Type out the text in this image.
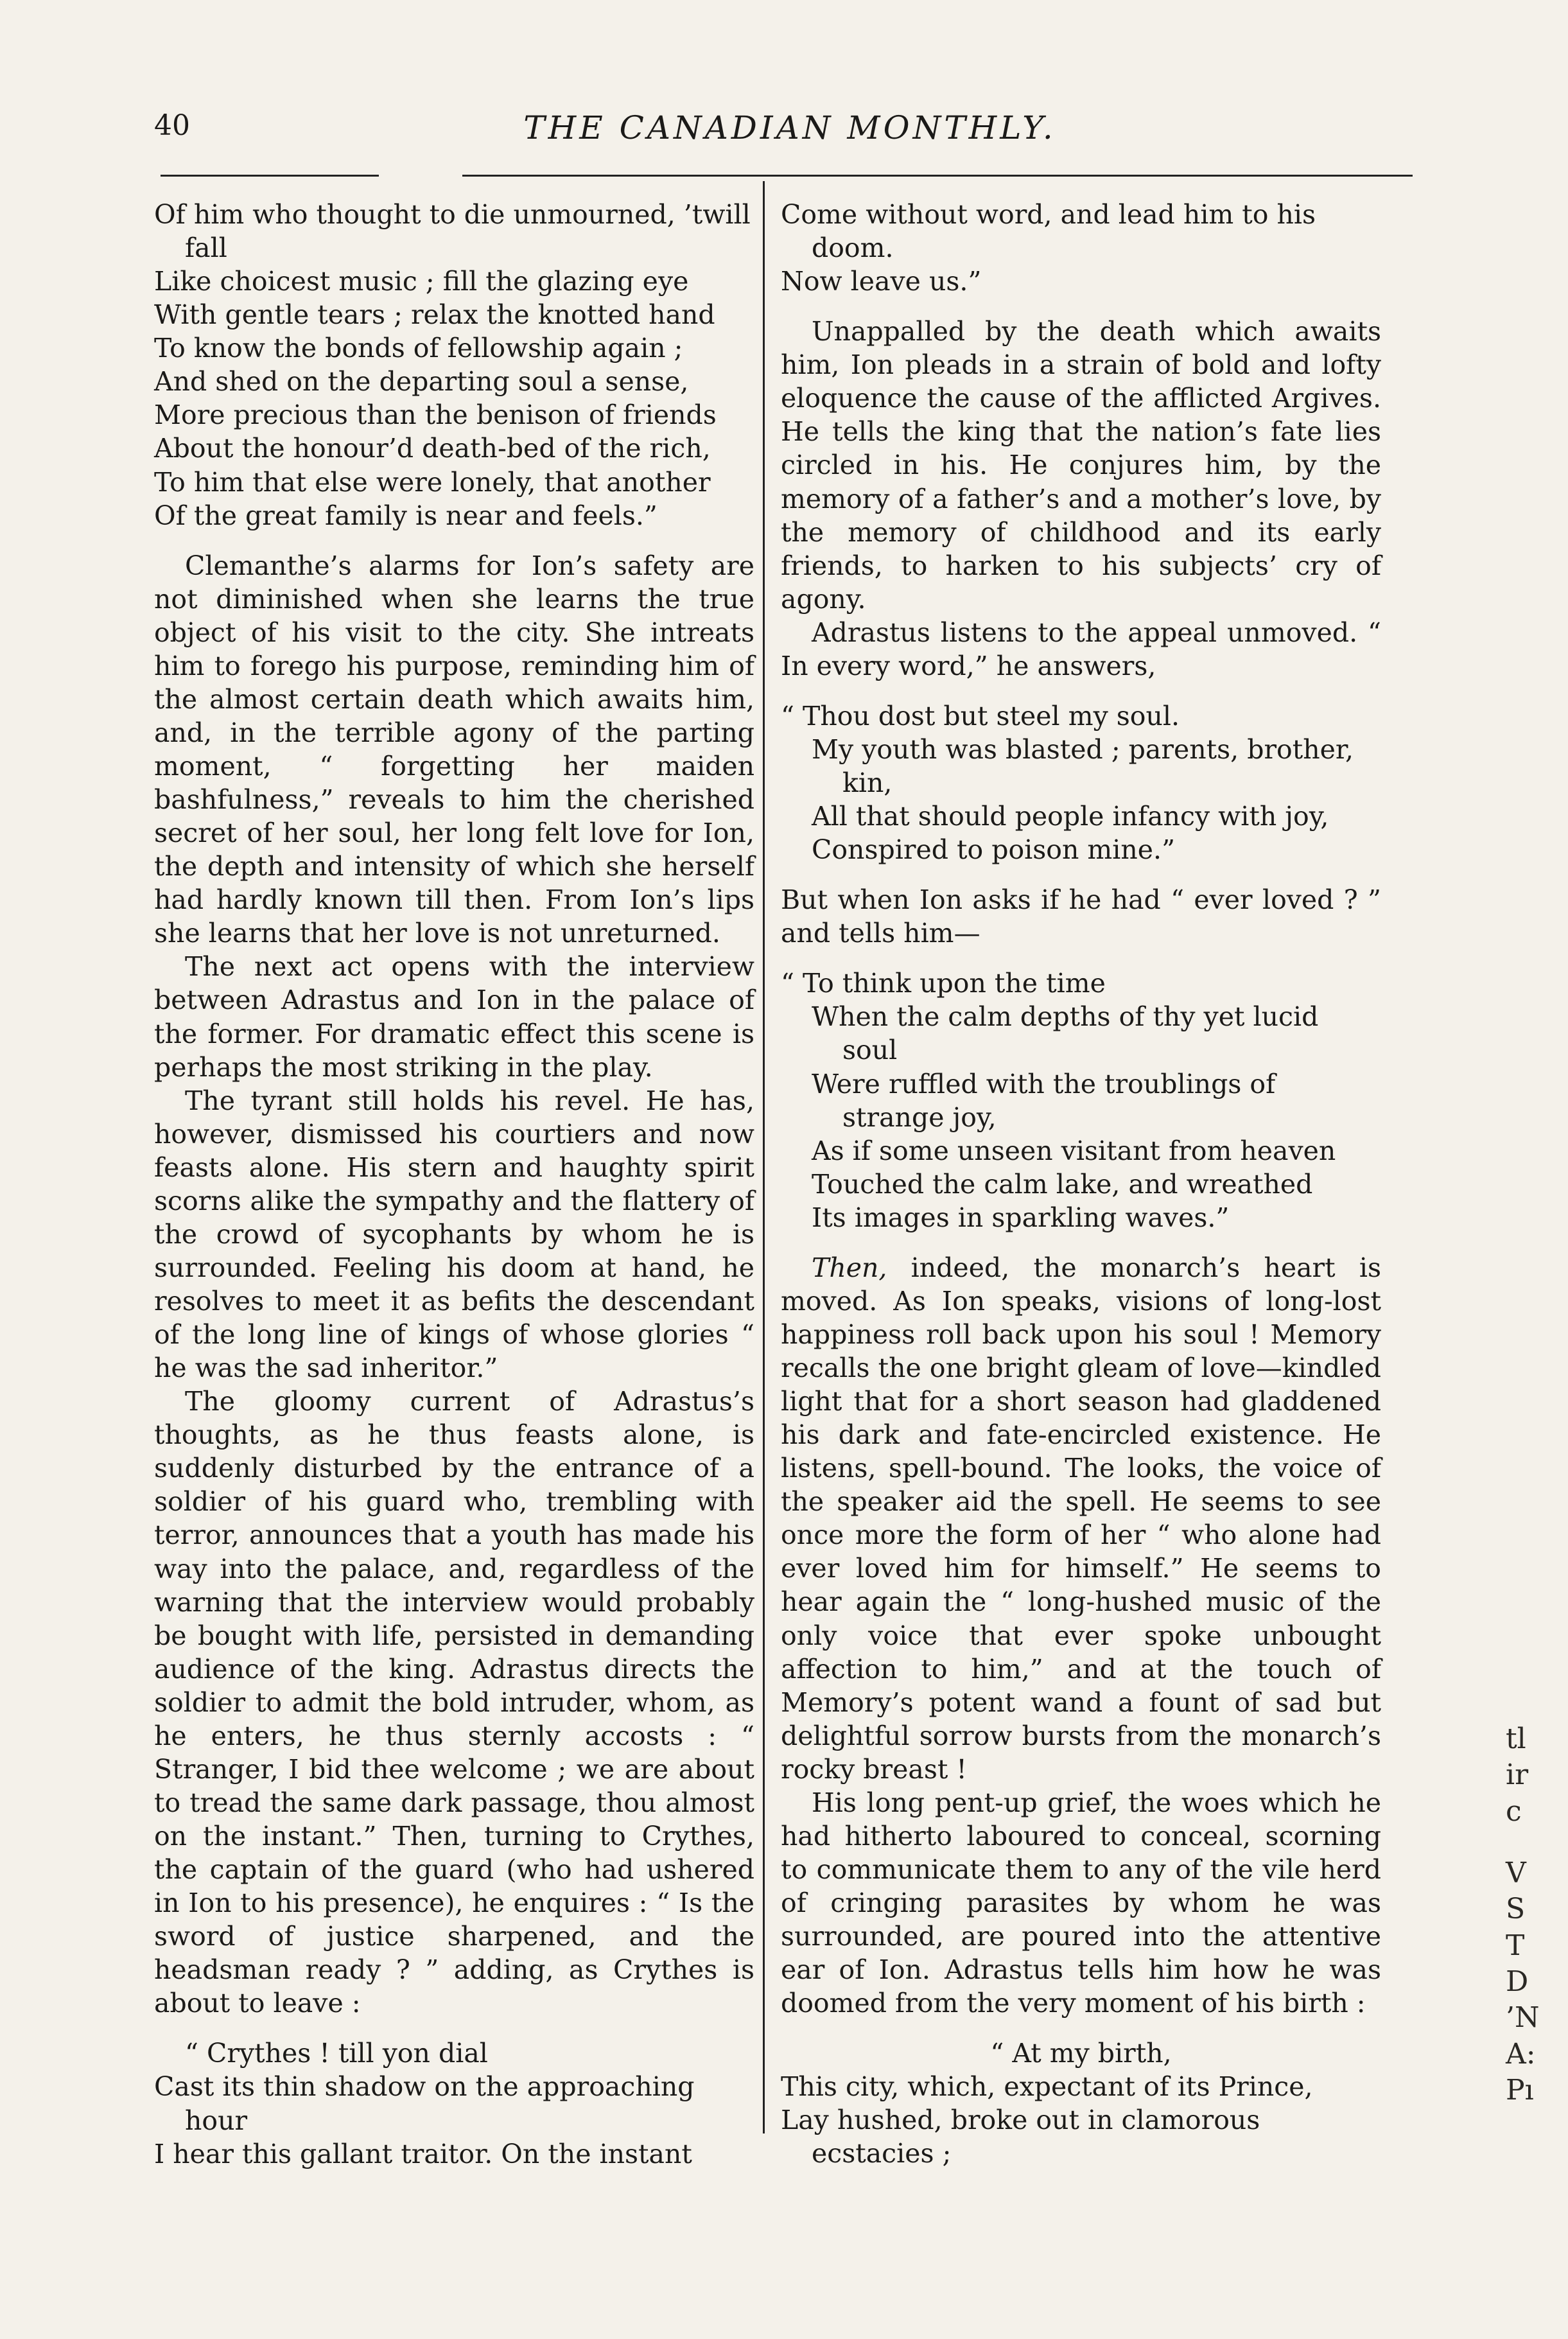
40	THE CANADIAN MONTHLY.
Of him who thought to die unmourned, ’twill fall
Like choicest music ; fill the glazing eye
With gentle tears ; relax the knotted hand
To know the bonds of fellowship again ;
And shed on the departing soul a sense,
More precious than the benison of friends
About the honour’d death-bed of the rich,
To him that else were lonely, that another
Of the great family is near and feels.”

Clemanthe’s alarms for Ion’s safety are not diminished when she learns the true object of his visit to the city. She intreats him to forego his purpose, reminding him of the almost certain death which awaits him, and, in the terrible agony of the parting moment, “ forgetting her maiden bashfulness,” reveals to him the cherished secret of her soul, her long felt love for Ion, the depth and intensity of which she herself had hardly known till then. From Ion’s lips she learns that her love is not unreturned.

The next act opens with the interview between Adrastus and Ion in the palace of the former. For dramatic effect this scene is perhaps the most striking in the play.

The tyrant still holds his revel. He has, however, dismissed his courtiers and now feasts alone. His stern and haughty spirit scorns alike the sympathy and the flattery of the crowd of sycophants by whom he is surrounded. Feeling his doom at hand, he resolves to meet it as befits the descendant of the long line of kings of whose glories “ he was the sad inheritor.”

The gloomy current of Adrastus’s thoughts, as he thus feasts alone, is suddenly disturbed by the entrance of a soldier of his guard who, trembling with terror, announces that a youth has made his way into the palace, and, regardless of the warning that the interview would probably be bought with life, persisted in demanding audience of the king. Adrastus directs the soldier to admit the bold intruder, whom, as he enters, he thus sternly accosts : “ Stranger, I bid thee welcome ; we are about to tread the same dark passage, thou almost on the instant.” Then, turning to Crythes, the captain of the guard (who had ushered in Ion to his presence), he enquires : “ Is the sword of justice sharpened, and the headsman ready ? ” adding, as Crythes is about to leave :

“ Crythes ! till yon dial
Cast its thin shadow on the approaching hour
I hear this gallant traitor. On the instant
Come without word, and lead him to his doom.
Now leave us.”

Unappalled by the death which awaits him, Ion pleads in a strain of bold and lofty eloquence the cause of the afflicted Argives. He tells the king that the nation’s fate lies circled in his. He conjures him, by the memory of a father’s and a mother’s love, by the memory of childhood and its early friends, to harken to his subjects’ cry of agony.

Adrastus listens to the appeal unmoved. “ In every word,” he answers,

“ Thou dost but steel my soul.
My youth was blasted ; parents, brother, kin,
All that should people infancy with joy,
Conspired to poison mine.”

But when Ion asks if he had “ ever loved ? ” and tells him—

“ To think upon the time
When the calm depths of thy yet lucid soul
Were ruffled with the troublings of strange joy,
As if some unseen visitant from heaven
Touched the calm lake, and wreathed
Its images in sparkling waves.”

Then, indeed, the monarch’s heart is moved. As Ion speaks, visions of long-lost happiness roll back upon his soul ! Memory recalls the one bright gleam of love—kindled light that for a short season had gladdened his dark and fate-encircled existence. He listens, spell-bound. The looks, the voice of the speaker aid the spell. He seems to see once more the form of her “ who alone had ever loved him for himself.” He seems to hear again the “ long-hushed music of the only voice that ever spoke unbought affection to him,” and at the touch of Memory’s potent wand a fount of sad but delightful sorrow bursts from the monarch’s rocky breast !

His long pent-up grief, the woes which he had hitherto laboured to conceal, scorning to communicate them to any of the vile herd of cringing parasites by whom he was surrounded, are poured into the attentive ear of Ion. Adrastus tells him how he was doomed from the very moment of his birth :

“ At my birth,
This city, which, expectant of its Prince,
Lay hushed, broke out in clamorous ecstacies ;
tl
ir
c
V
S
T
D
’N
A:
Pı
